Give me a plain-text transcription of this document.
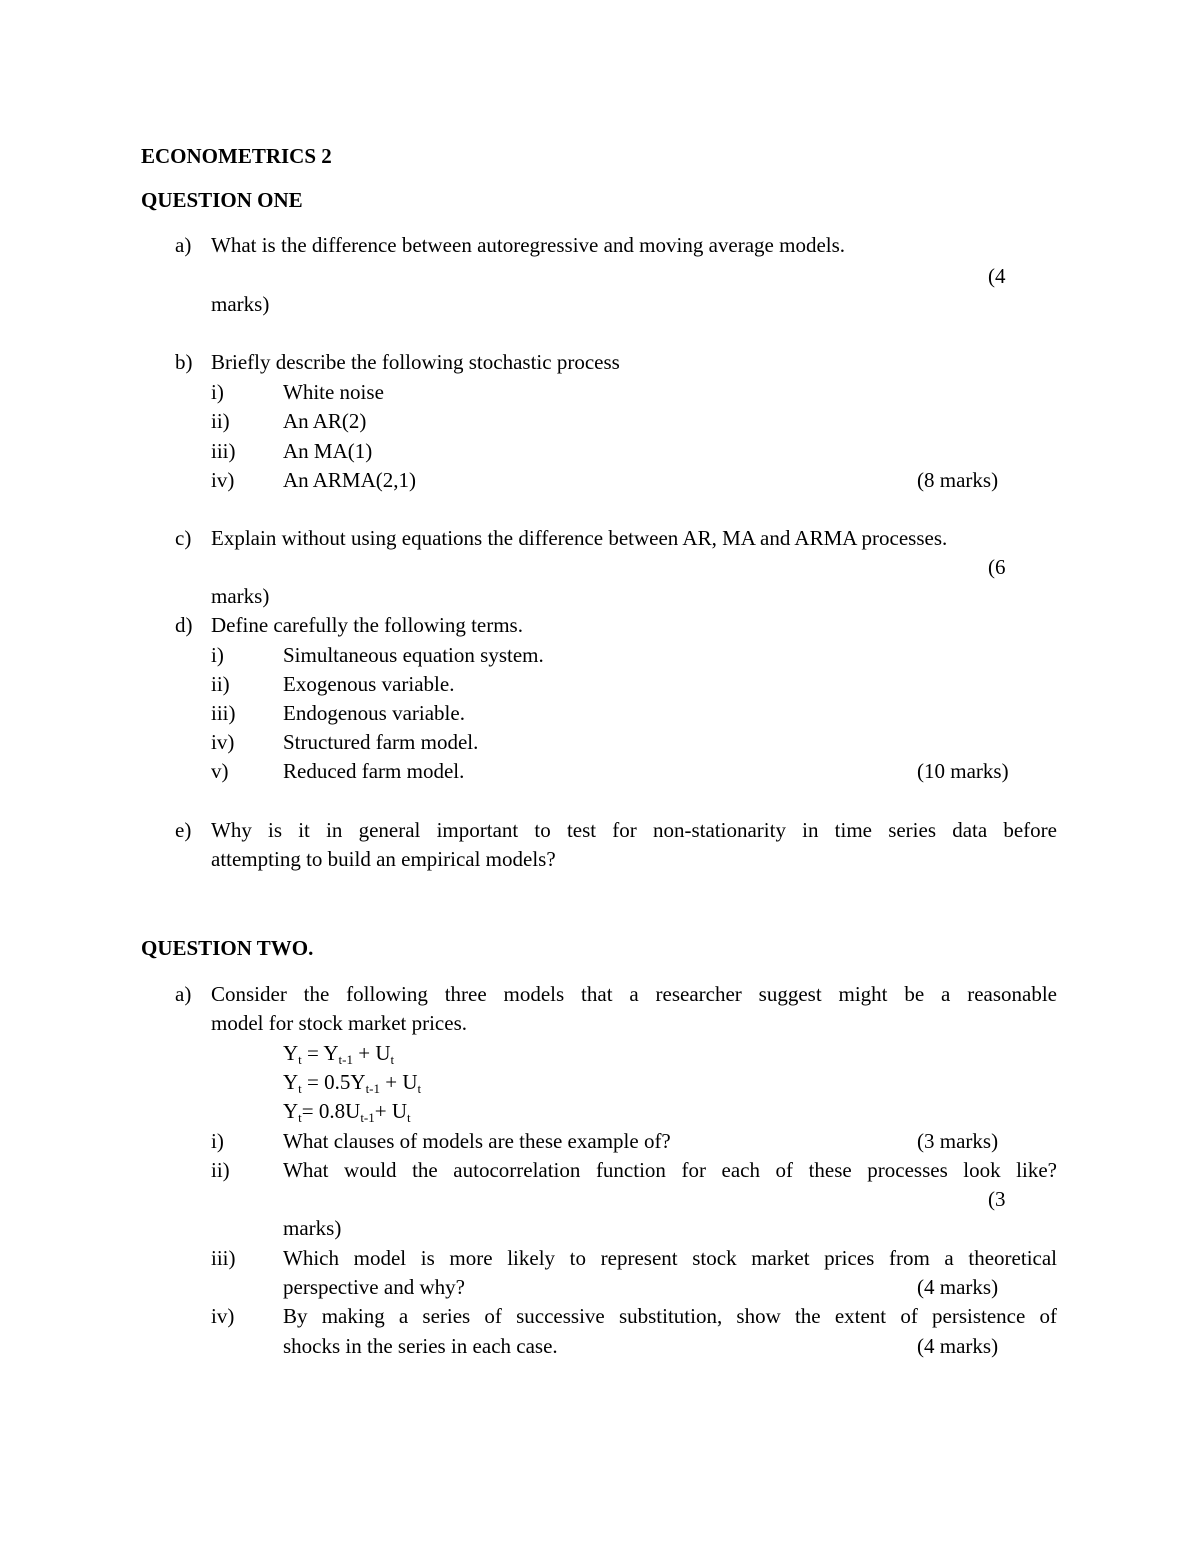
ECONOMETRICS 2
QUESTION ONE
a) What is the difference between autoregressive and moving average models.
(4
marks)
b) Briefly describe the following stochastic process
i)	White noise
ii)	An AR(2)
iii) An MA(1)
iv) An ARMA(2,1)	(8 marks)
c) Explain without using equations the difference between AR, MA and ARMA processes.
(6
marks)
d) Define carefully the following terms.
i)	Simultaneous equation system.
ii)	Exogenous variable.
iii) Endogenous variable.
iv) Structured farm model.
v)	Reduced farm model.	(10 marks)
e) Why is it in general important to test for non-stationarity in time series data before
attempting to build an empirical models?
QUESTION TWO.
a) Consider the following three models that a researcher suggest might be a reasonable
model for stock market prices.
$Y_t = Y_{t-1} + U_t$
$Y_t = 0.5Y_{t-1} + U_t$
$Y_t= 0.8U_{t-1}+ U_t$
i)	What clauses of models are these example of?	(3 marks)
ii)	What would the autocorrelation function for each of these processes look like?
(3
marks)
iii) Which model is more likely to represent stock market prices from a theoretical
perspective and why?	(4 marks)
iv) By making a series of successive substitution, show the extent of persistence of
shocks in the series in each case.	(4 marks)
